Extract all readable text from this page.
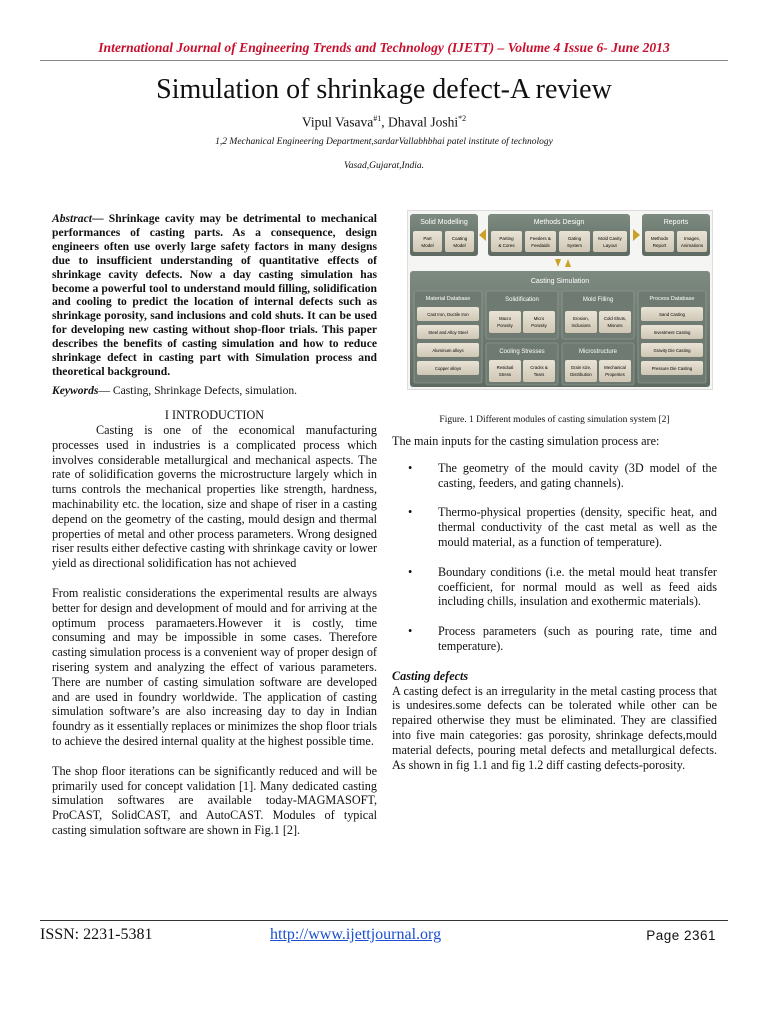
International Journal of Engineering Trends and Technology (IJETT) – Volume 4 Issue 6- June 2013
Simulation of shrinkage defect-A review
Vipul Vasava$^{\#1}$, Dhaval Joshi$^{*2}$
1,2 Mechanical Engineering Department,sardarVallabhbhai patel institute of technology
Vasad,Gujarat,India.
Abstract— Shrinkage cavity may be detrimental to mechanical performances of casting parts. As a consequence, design engineers often use overly large safety factors in many designs due to insufficient understanding of quantitative effects of shrinkage cavity defects. Now a day casting simulation has become a powerful tool to understand mould filling, solidification and cooling to predict the location of internal defects such as shrinkage porosity, sand inclusions and cold shuts. It can be used for developing new casting without shop-floor trials. This paper describes the benefits of casting simulation and how to reduce shrinkage defect in casting part with Simulation process and theoretical background.
Keywords— Casting, Shrinkage Defects, simulation.
I INTRODUCTION

Casting is one of the economical manufacturing processes used in industries is a complicated process which involves considerable metallurgical and mechanical aspects. The rate of solidification governs the microstructure largely which in turns controls the mechanical properties like strength, hardness, machinability etc. the location, size and shape of riser in a casting depend on the geometry of the casting, mould design and thermal properties of metal and other process parameters. Wrong designed riser results either defective casting with shrinkage cavity or lower yield as directional solidification has not achieved

From realistic considerations the experimental results are always better for design and development of mould and for arriving at the optimum process paramaeters.However it is costly, time consuming and may be impossible in some cases. Therefore casting simulation process is a convenient way of proper design of risering system and analyzing the effect of various parameters. There are number of casting simulation software are developed and are used in foundry worldwide. The application of casting simulation software’s are also increasing day to day in Indian foundry as it essentially replaces or minimizes the shop floor trials to achieve the desired internal quality at the highest possible time.

The shop floor iterations can be significantly reduced and will be primarily used for concept validation [1]. Many dedicated casting simulation softwares are available today-MAGMASOFT, ProCAST, SolidCAST, and AutoCAST. Modules of typical casting simulation software are shown in Fig.1 [2].

Solid Modelling
Part
Model
Coating
Model
Methods Design
Parting
& Cores
Feeders &
Feedaids
Gating
System
Mold Cavity
Layout
Reports
Methods
Report
Images,
Animations
Casting Simulation
Material Database
Cast Iron, Ductile Iron
Steel and Alloy Steel
Aluminum alloys
Copper alloys
Process Database
Sand Casting
Investment Casting
Gravity Die Casting
Pressure Die Casting
Solidification
Macro
Porosity
Micro
Porosity
Mold Filling
Erosion,
Inclusions
Cold Shuts,
Misruns
Cooling Stresses
Residual
Stress
Cracks &
Tears
Microstructure
Grain size,
Distribution
Mechanical
Properties
Figure. 1 Different modules of casting simulation system [2]

The main inputs for the casting simulation process are:

• The geometry of the mould cavity (3D model of the casting, feeders, and gating channels).
• Thermo-physical properties (density, specific heat, and thermal conductivity of the cast metal as well as the mould material, as a function of temperature).
• Boundary conditions (i.e. the metal mould heat transfer coefficient, for normal mould as well as feed aids including chills, insulation and exothermic materials).
• Process parameters (such as pouring rate, time and temperature).

Casting defects

A casting defect is an irregularity in the metal casting process that is undesires.some defects can be tolerated while other can be repaired otherwise they must be eliminated. They are classified into five main categories: gas porosity, shrinkage defects,mould material defects, pouring metal defects and metallurgical defects. As shown in fig 1.1 and fig 1.2 diff casting defects-porosity.

ISSN: 2231-5381	http://www.ijettjournal.org	Page 2361
